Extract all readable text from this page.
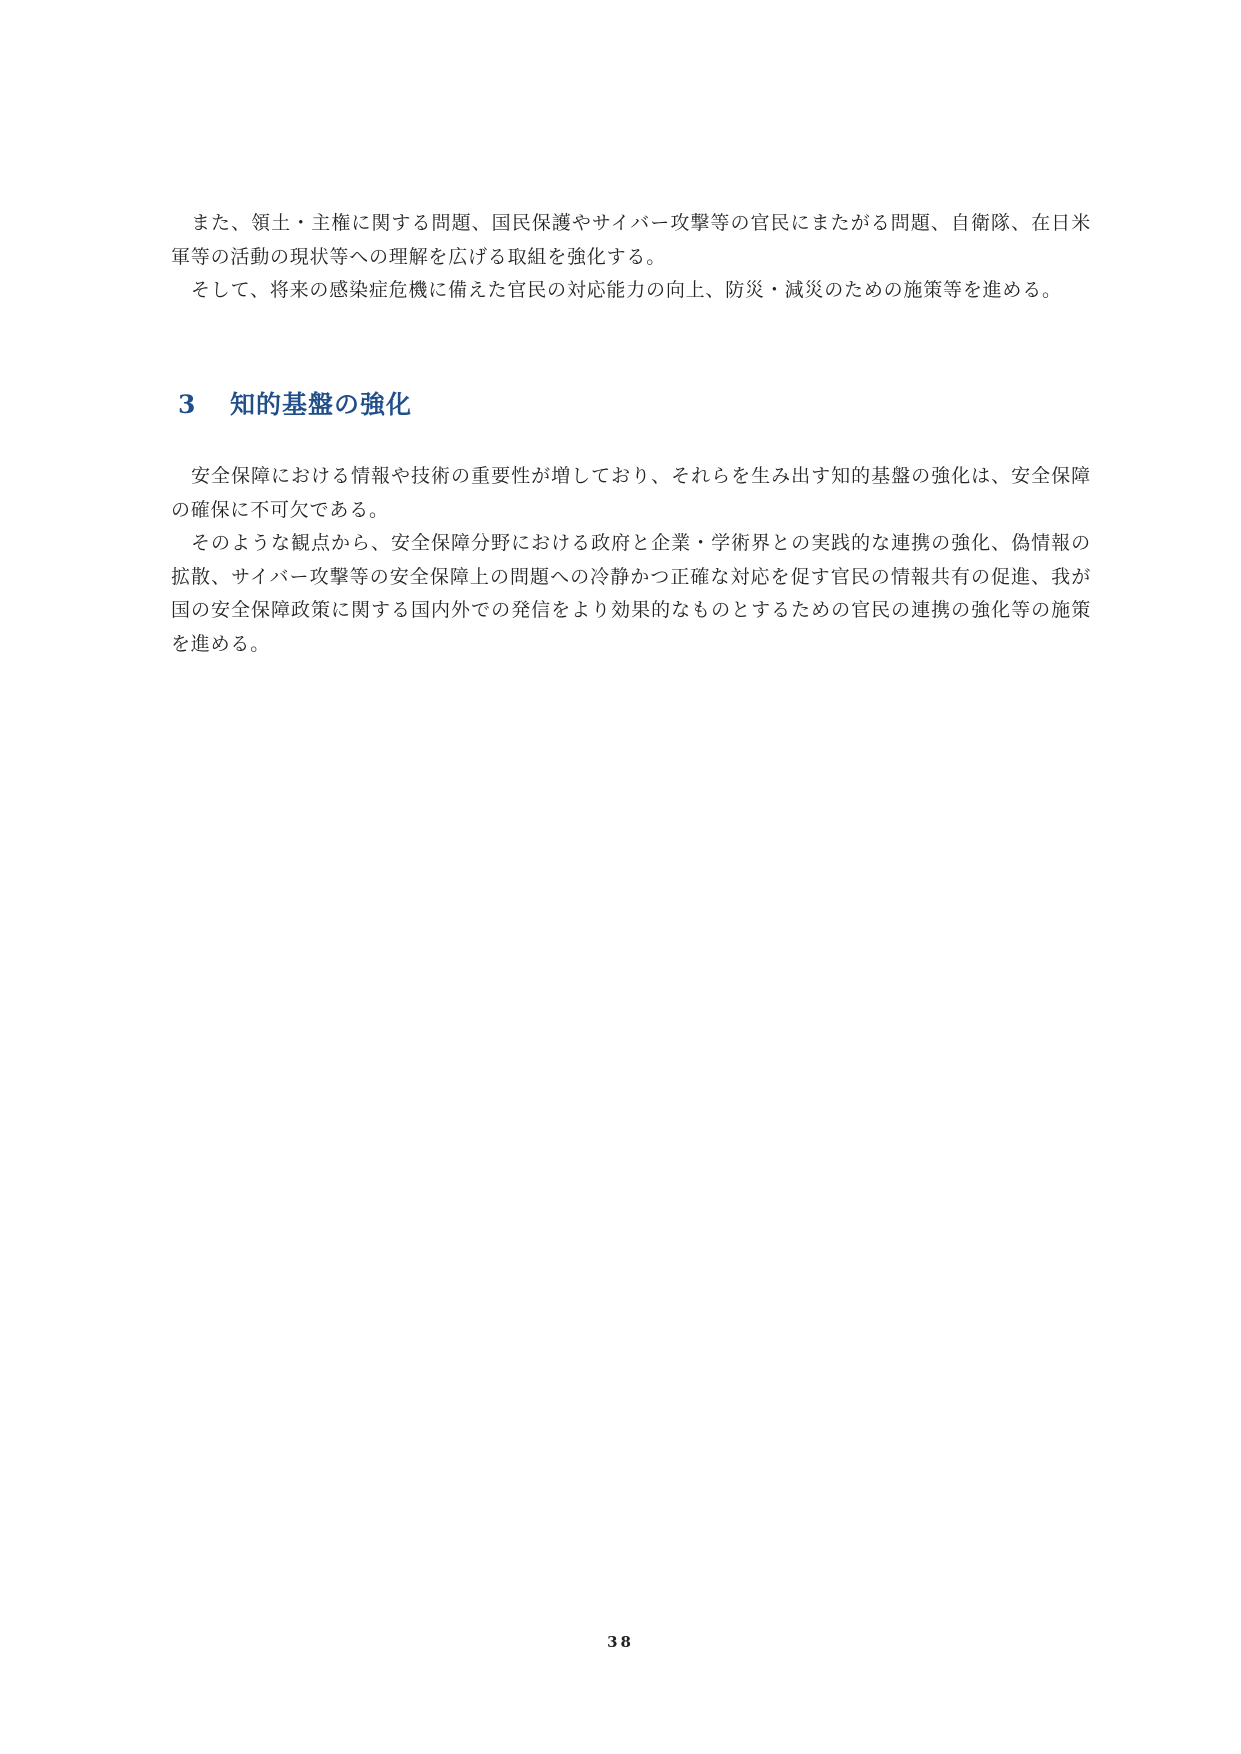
また、領土・主権に関する問題、国民保護やサイバー攻撃等の官民にまたがる問題、自衛隊、在日米軍等の活動の現状等への理解を広げる取組を強化する。

そして、将来の感染症危機に備えた官民の対応能力の向上、防災・減災のための施策等を進める。

3 知的基盤の強化

安全保障における情報や技術の重要性が増しており、それらを生み出す知的基盤の強化は、安全保障の確保に不可欠である。

そのような観点から、安全保障分野における政府と企業・学術界との実践的な連携の強化、偽情報の拡散、サイバー攻撃等の安全保障上の問題への冷静かつ正確な対応を促す官民の情報共有の促進、我が国の安全保障政策に関する国内外での発信をより効果的なものとするための官民の連携の強化等の施策を進める。

38
